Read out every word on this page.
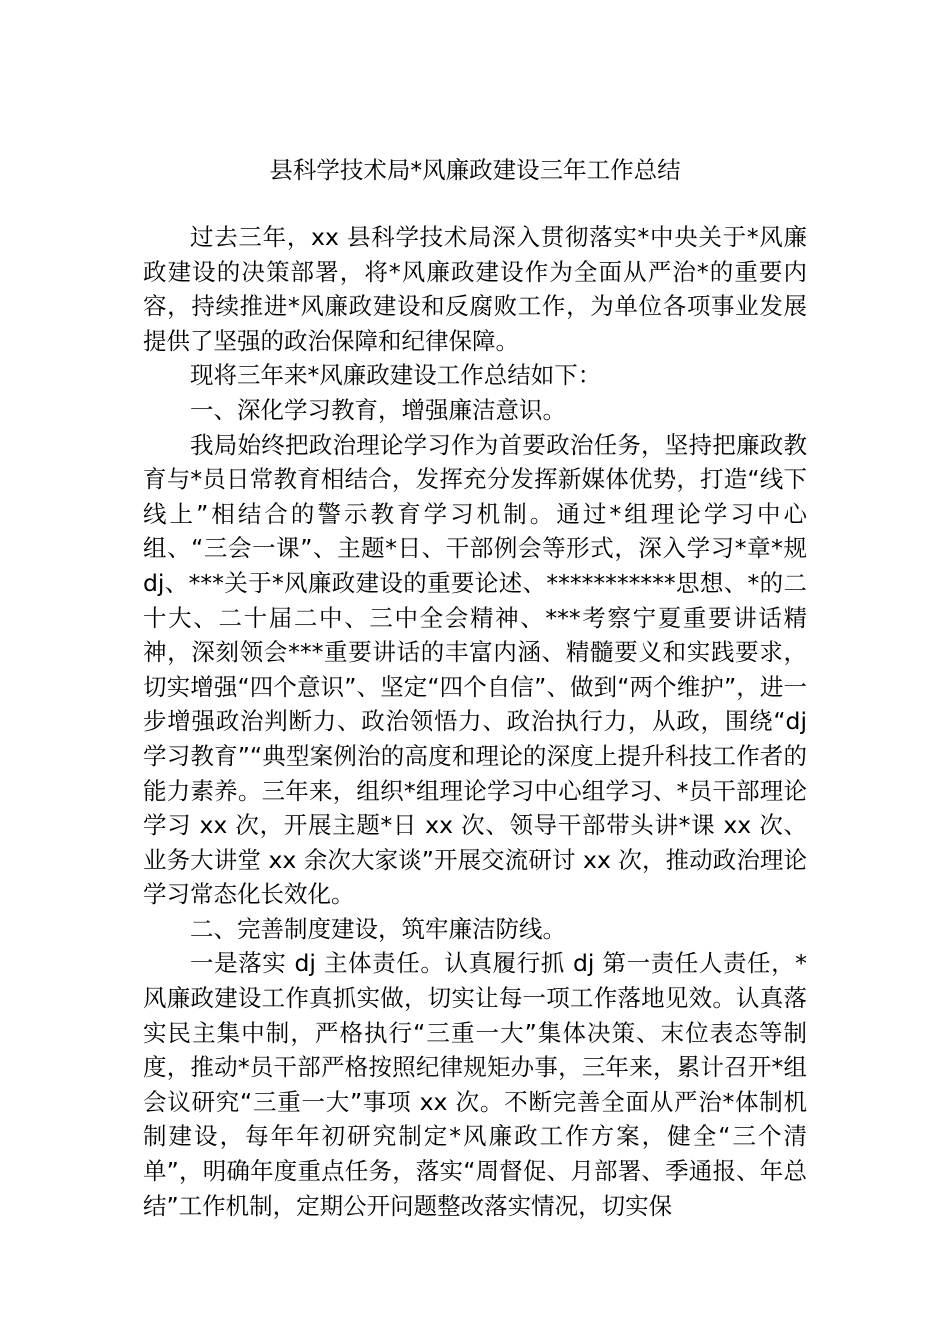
县科学技术局*风廉政建设三年工作总结

过去三年，xx 县科学技术局深入贯彻落实*中央关于*风廉政建设的决策部署，将*风廉政建设作为全面从严治*的重要内容，持续推进*风廉政建设和反腐败工作，为单位各项事业发展提供了坚强的政治保障和纪律保障。

现将三年来*风廉政建设工作总结如下：

一、深化学习教育，增强廉洁意识。

我局始终把政治理论学习作为首要政治任务，坚持把廉政教育与*员日常教育相结合，发挥充分发挥新媒体优势，打造“线下线上”相结合的警示教育学习机制。通过*组理论学习中心组、“三会一课”、主题*日、干部例会等形式，深入学习*章*规 dj、***关于*风廉政建设的重要论述、***********思想、*的二十大、二十届二中、三中全会精神、***考察宁夏重要讲话精神，深刻领会***重要讲话的丰富内涵、精髓要义和实践要求，切实增强“四个意识”、坚定“四个自信”、做到“两个维护”，进一步增强政治判断力、政治领悟力、政治执行力，从政，围绕“dj 学习教育”“典型案例治的高度和理论的深度上提升科技工作者的能力素养。三年来，组织*组理论学习中心组学习、*员干部理论学习 xx 次，开展主题*日 xx 次、领导干部带头讲*课 xx 次、业务大讲堂 xx 余次大家谈”开展交流研讨 xx 次，推动政治理论学习常态化长效化。

二、完善制度建设，筑牢廉洁防线。

一是落实 dj 主体责任。认真履行抓 dj 第一责任人责任，*风廉政建设工作真抓实做，切实让每一项工作落地见效。认真落实民主集中制，严格执行“三重一大”集体决策、末位表态等制度，推动*员干部严格按照纪律规矩办事，三年来，累计召开*组会议研究“三重一大”事项 xx 次。不断完善全面从严治*体制机制建设，每年年初研究制定*风廉政工作方案，健全“三个清单”，明确年度重点任务，落实“周督促、月部署、季通报、年总结”工作机制，定期公开问题整改落实情况，切实保
